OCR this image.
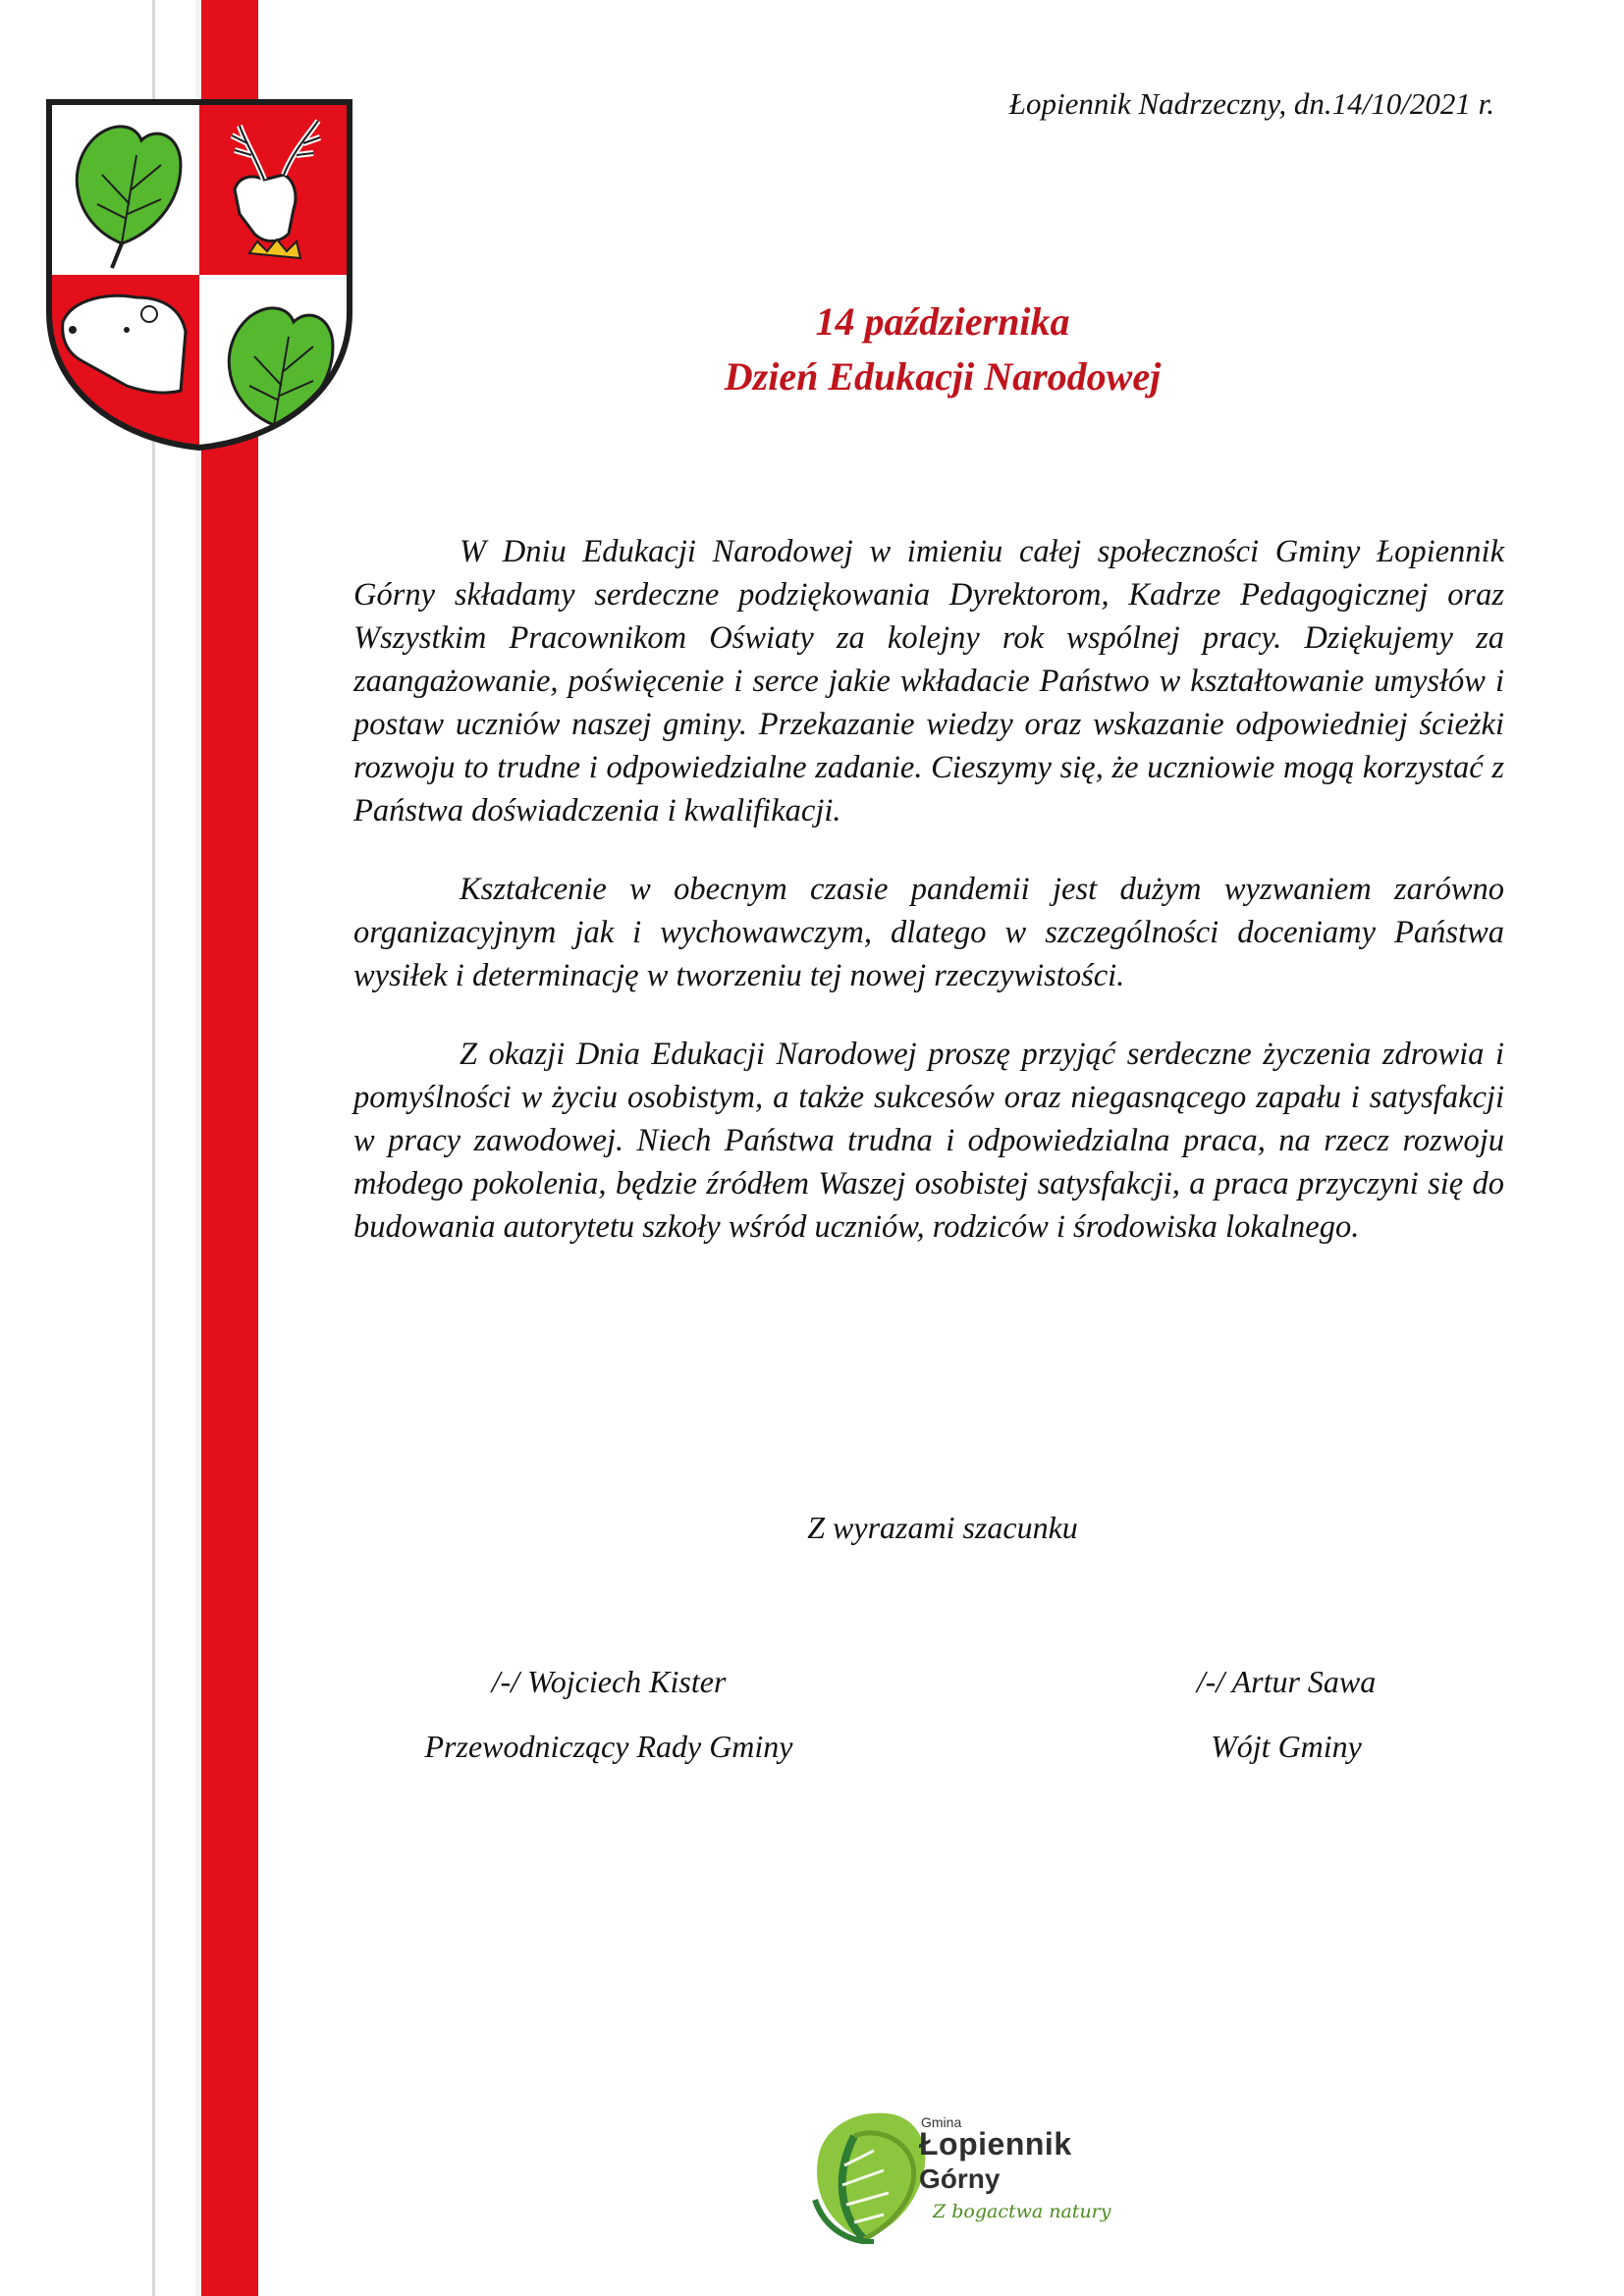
Łopiennik Nadrzeczny, dn.14/10/2021 r.
14 października
Dzień Edukacji Narodowej

W Dniu Edukacji Narodowej w imieniu całej społeczności Gminy Łopiennik Górny składamy serdeczne podziękowania Dyrektorom, Kadrze Pedagogicznej oraz Wszystkim Pracownikom Oświaty za kolejny rok wspólnej pracy. Dziękujemy za zaangażowanie, poświęcenie i serce jakie wkładacie Państwo w kształtowanie umysłów i postaw uczniów naszej gminy. Przekazanie wiedzy oraz wskazanie odpowiedniej ścieżki rozwoju to trudne i odpowiedzialne zadanie. Cieszymy się, że uczniowie mogą korzystać z Państwa doświadczenia i kwalifikacji.

Kształcenie w obecnym czasie pandemii jest dużym wyzwaniem zarówno organizacyjnym jak i wychowawczym, dlatego w szczególności doceniamy Państwa wysiłek i determinację w tworzeniu tej nowej rzeczywistości.

Z okazji Dnia Edukacji Narodowej proszę przyjąć serdeczne życzenia zdrowia i pomyślności w życiu osobistym, a także sukcesów oraz niegasnącego zapału i satysfakcji w pracy zawodowej. Niech Państwa trudna i odpowiedzialna praca, na rzecz rozwoju młodego pokolenia, będzie źródłem Waszej osobistej satysfakcji, a praca przyczyni się do budowania autorytetu szkoły wśród uczniów, rodziców i środowiska lokalnego.

Z wyrazami szacunku
/-/ Wojciech Kister
Przewodniczący Rady Gminy
/-/ Artur Sawa
Wójt Gminy
Gmina
Łopiennik
Górny
Z bogactwa natury
